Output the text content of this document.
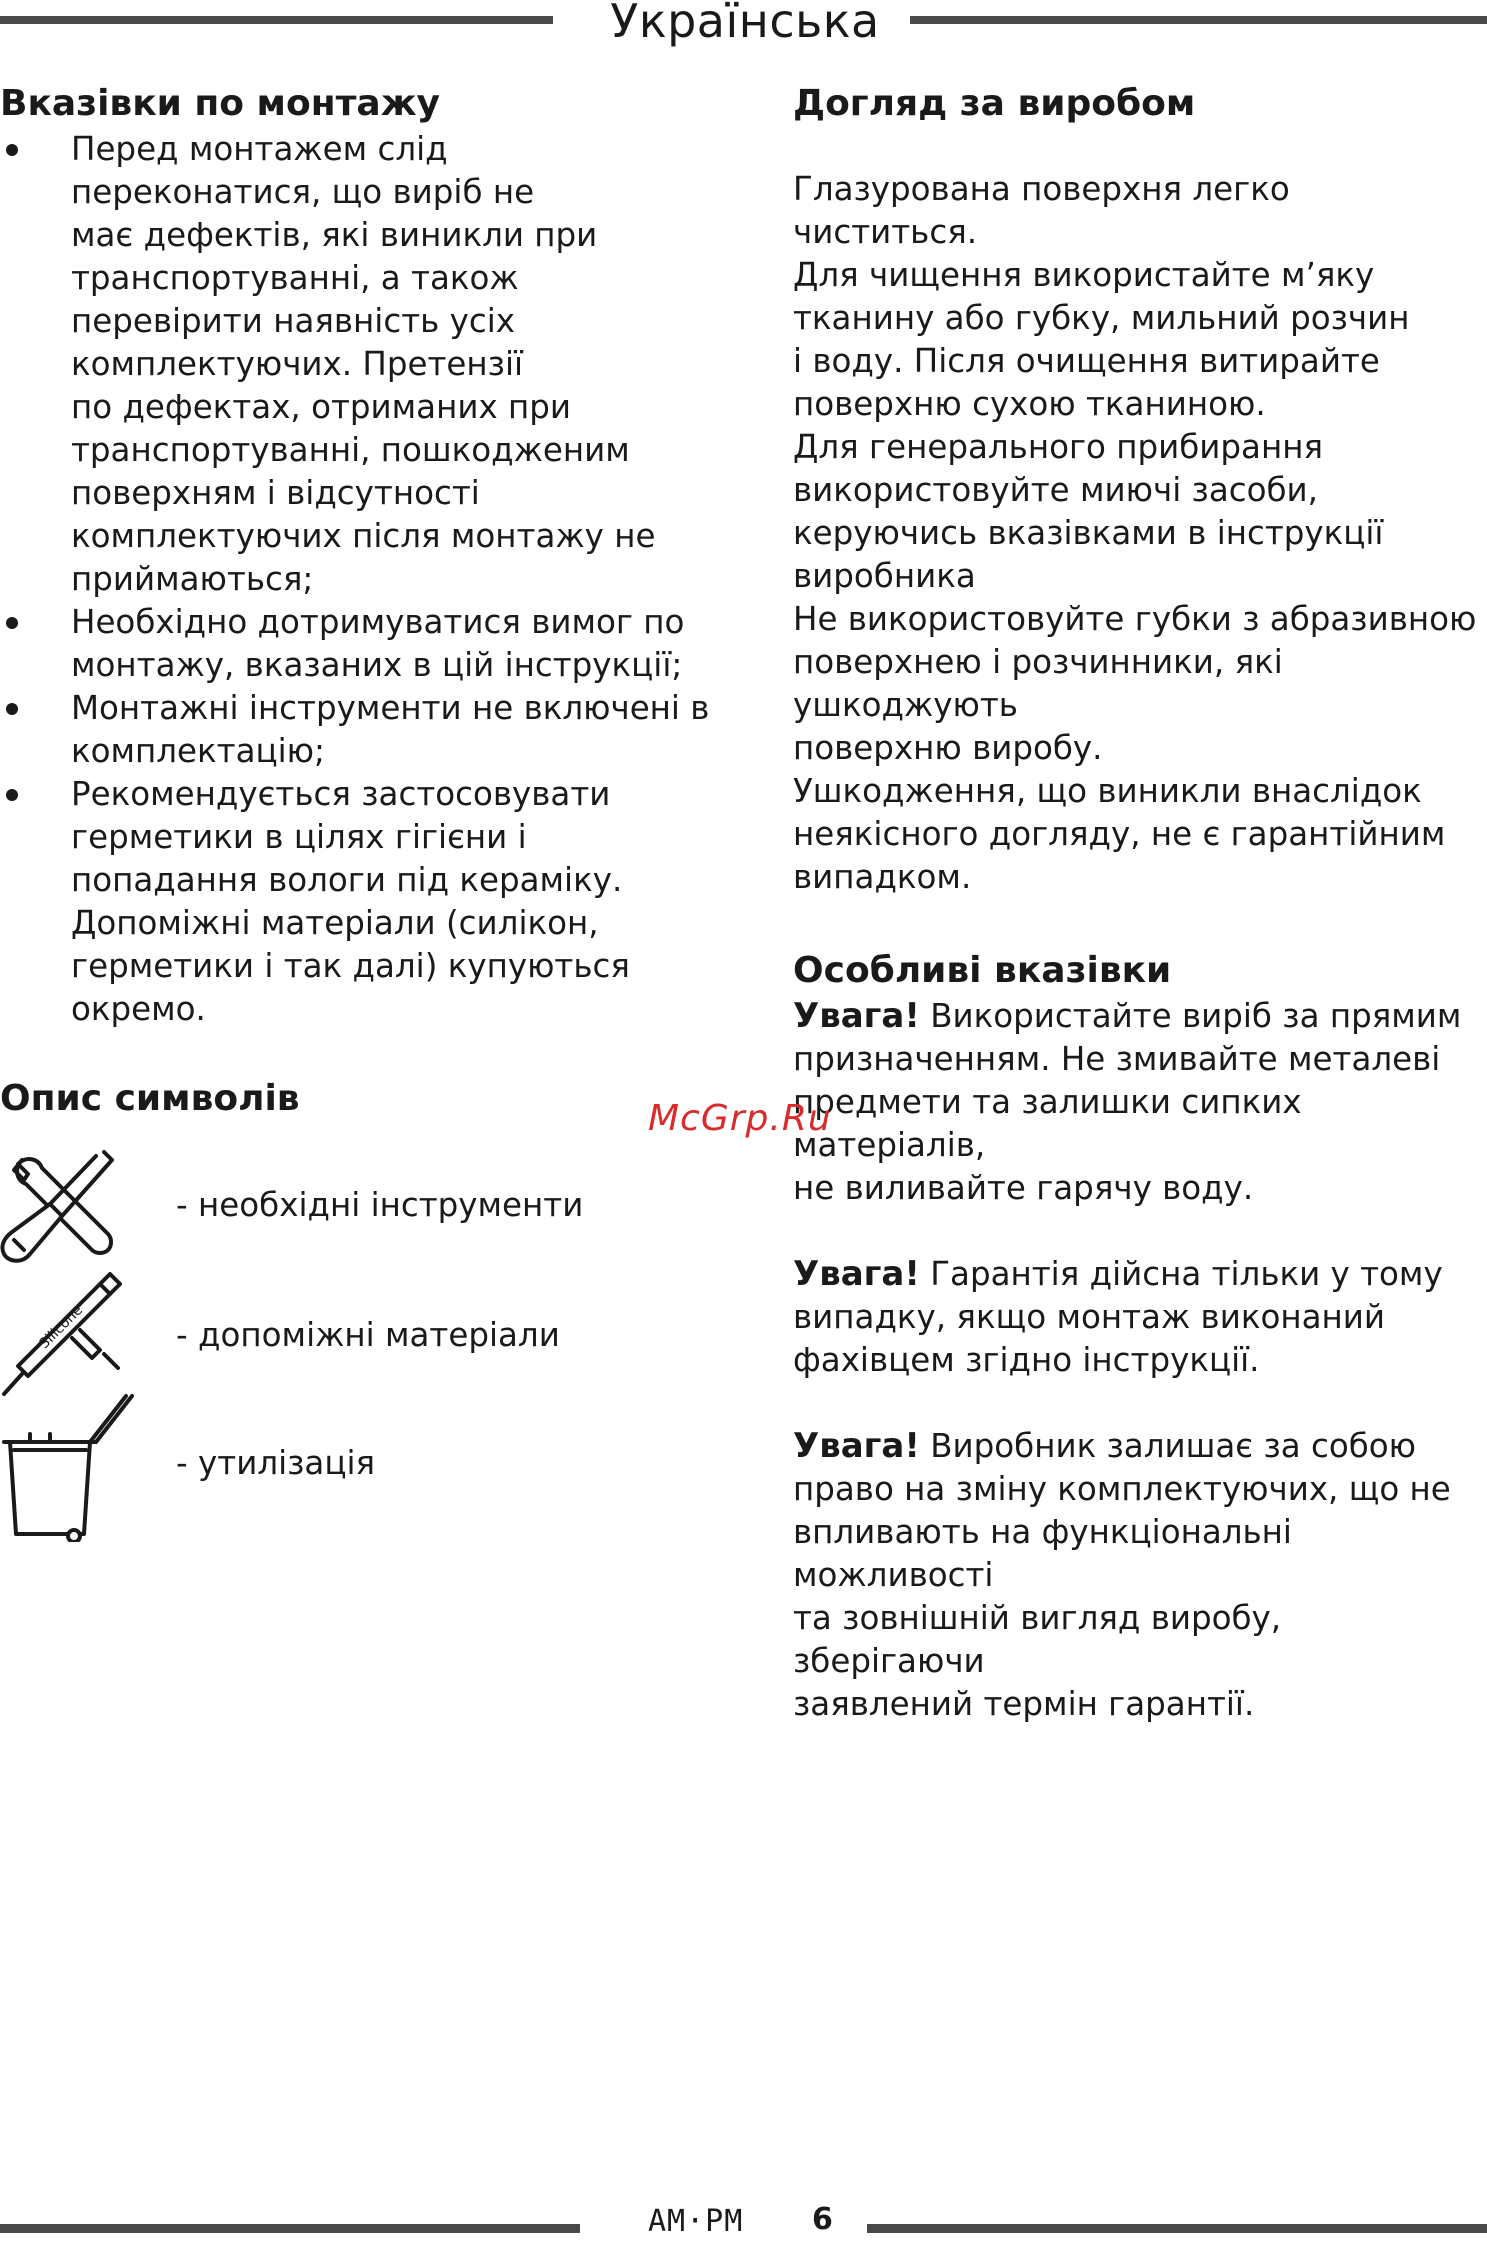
Українська
Вказівки по монтажу
Перед монтажем слід
переконатися, що виріб не
має дефектів, які виникли при
транспортуванні, а також
перевірити наявність усіх
комплектуючих. Претензії
по дефектах, отриманих при
транспортуванні, пошкодженим
поверхням і відсутності
комплектуючих після монтажу не
приймаються;
Необхідно дотримуватися вимог по
монтажу, вказаних в цій інструкції;
Монтажні інструменти не включені в
комплектацію;
Рекомендується застосовувати
герметики в цілях гігієни і
попадання вологи під кераміку.
Допоміжні матеріали (силікон,
герметики і так далі) купуються
окремо.
Опис символів
- необхідні інструменти
Silicone	- допоміжні матеріали
- утилізація
Догляд за виробом

Глазурована поверхня легко чиститься.
Для чищення використайте м’яку
тканину або губку, мильний розчин
і воду. Після очищення витирайте
поверхню сухою тканиною.

Для генерального прибирання
використовуйте миючі засоби,
керуючись вказівками в інструкції
виробника

Не використовуйте губки з абразивною
поверхнею і розчинники, які ушкоджують
поверхню виробу.

Ушкодження, що виникли внаслідок
неякісного догляду, не є гарантійним
випадком.

Особливі вказівки

Увага! Використайте виріб за прямим
призначенням. Не змивайте металеві
предмети та залишки сипких матеріалів,
не виливайте гарячу воду.

Увага! Гарантія дійсна тільки у тому
випадку, якщо монтаж виконаний
фахівцем згідно інструкції.

Увага! Виробник залишає за собою
право на зміну комплектуючих, що не
впливають на функціональні можливості
та зовнішній вигляд виробу, зберігаючи
заявлений термін гарантії.

McGrp.Ru
AM·PM 6
